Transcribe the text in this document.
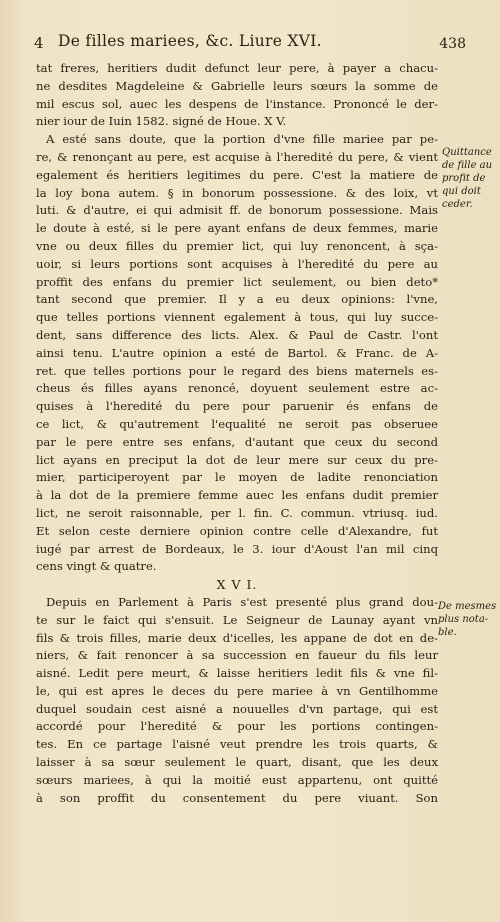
4 De filles mariees, &c. Liure XVI.	438
tat freres, heritiers dudit defunct leur pere, à payer a chacu-
ne desdites Magdeleine & Gabrielle leurs sœurs la somme de
mil escus sol, auec les despens de l'instance. Prononcé le der-
nier iour de Iuin 1582. signé de Houe. X V.
A esté sans doute, que la portion d'vne fille mariee par pe-
re, & renonçant au pere, est acquise à l'heredité du pere, & vient
egalement és heritiers legitimes du pere. C'est la matiere de
la loy bona autem. § in bonorum possessione. & des loix, vt
luti. & d'autre, ei qui admisit ff. de bonorum possessione. Mais
le doute à esté, si le pere ayant enfans de deux femmes, marie
vne ou deux filles du premier lict, qui luy renoncent, à sça-
uoir, si leurs portions sont acquises à l'heredité du pere au
proffit des enfans du premier lict seulement, ou bien deto*
tant second que premier. Il y a eu deux opinions: l'vne,
que telles portions viennent egalement à tous, qui luy succe-
dent, sans difference des licts. Alex. & Paul de Castr. l'ont
ainsi tenu. L'autre opinion a esté de Bartol. & Franc. de A-
ret. que telles portions pour le regard des biens maternels es-
cheus és filles ayans renoncé, doyuent seulement estre ac-
quises à l'heredité du pere pour paruenir és enfans de
ce lict, & qu'autrement l'equalité ne seroit pas obseruee
par le pere entre ses enfans, d'autant que ceux du second
lict ayans en preciput la dot de leur mere sur ceux du pre-
mier, participeroyent par le moyen de ladite renonciation
à la dot de la premiere femme auec les enfans dudit premier
lict, ne seroit raisonnable, per l. fin. C. commun. vtriusq. iud.
Et selon ceste derniere opinion contre celle d'Alexandre, fut
iugé par arrest de Bordeaux, le 3. iour d'Aoust l'an mil cinq
cens vingt & quatre.
X V I.
Depuis en Parlement à Paris s'est presenté plus grand dou-
te sur le faict qui s'ensuit. Le Seigneur de Launay ayant vn
fils & trois filles, marie deux d'icelles, les appane de dot en de-
niers, & fait renoncer à sa succession en faueur du fils leur
aisné. Ledit pere meurt, & laisse heritiers ledit fils & vne fil-
le, qui est apres le deces du pere mariee à vn Gentilhomme
duquel soudain cest aisné a nouuelles d'vn partage, qui est
accordé pour l'heredité & pour les portions contingen-
tes. En ce partage l'aisné veut prendre les trois quarts, &
laisser à sa sœur seulement le quart, disant, que les deux
sœurs mariees, à qui la moitié eust appartenu, ont quitté
à son proffit du consentement du pere viuant. Son
Quittance
de fille au
profit de
qui doit
ceder.
De mesmes
plus nota-
ble.
